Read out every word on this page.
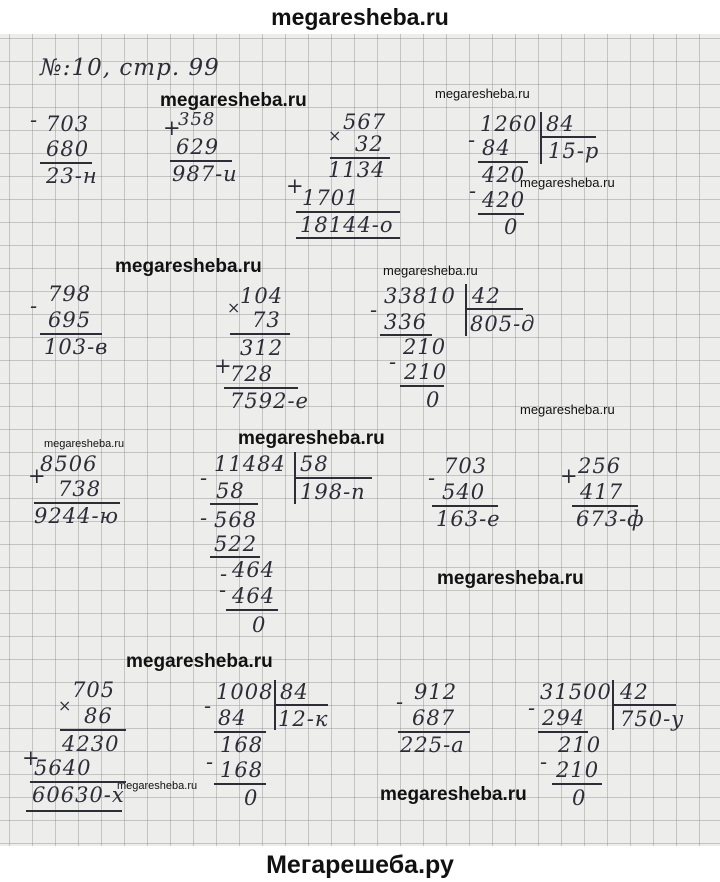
megaresheba.ru
megaresheba.ru	megaresheba.ru
megaresheba.ru
megaresheba.ru	megaresheba.ru
megaresheba.ru
megaresheba.ru
megaresheba.ru
megaresheba.ru
megaresheba.ru
megaresheba.ru	megaresheba.ru
№:10, стр. 99
- 703
680
23-н
+
358
629
987-и
×
567
32
1134
+
1701
18144-о
1260 84
15-р
- 84
420
- 420
0
798
-
695
103-в
×
104
73
312
+
728
7592-е
33810 42
805-д
- 336
210
- 210
0
+
8506
738
9244-ю
11484 58
198-п
-
58
- 568
522
- 464
- 464
0
- 703
540
163-е
+ 256
417
673-ф
×
705
86
4230
+
5640
60630-х
1008 84
12-к
- 84
168
- 168
0
- 912
687
225-а
31500 42
750-у
- 294
210
- 210
0
Мегарешеба.ру
